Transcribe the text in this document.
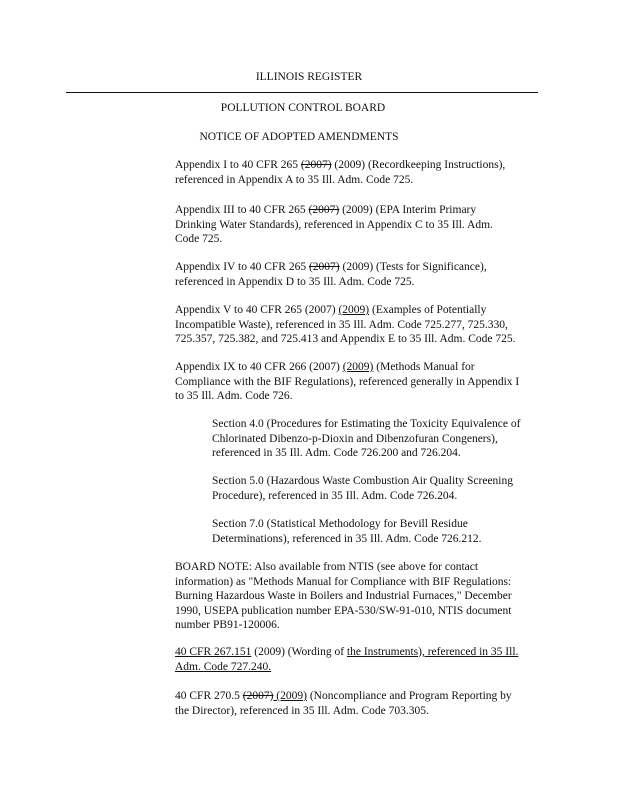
ILLINOIS REGISTER
POLLUTION CONTROL BOARD
NOTICE OF ADOPTED AMENDMENTS
Appendix I to 40 CFR 265 (2007) (2009) (Recordkeeping Instructions),
referenced in Appendix A to 35 Ill. Adm. Code 725.
Appendix III to 40 CFR 265 (2007) (2009) (EPA Interim Primary
Drinking Water Standards), referenced in Appendix C to 35 Ill. Adm.
Code 725.
Appendix IV to 40 CFR 265 (2007) (2009) (Tests for Significance),
referenced in Appendix D to 35 Ill. Adm. Code 725.
Appendix V to 40 CFR 265 (2007) (2009) (Examples of Potentially
Incompatible Waste), referenced in 35 Ill. Adm. Code 725.277, 725.330,
725.357, 725.382, and 725.413 and Appendix E to 35 Ill. Adm. Code 725.
Appendix IX to 40 CFR 266 (2007) (2009) (Methods Manual for
Compliance with the BIF Regulations), referenced generally in Appendix I
to 35 Ill. Adm. Code 726.
Section 4.0 (Procedures for Estimating the Toxicity Equivalence of
Chlorinated Dibenzo-p-Dioxin and Dibenzofuran Congeners),
referenced in 35 Ill. Adm. Code 726.200 and 726.204.
Section 5.0 (Hazardous Waste Combustion Air Quality Screening
Procedure), referenced in 35 Ill. Adm. Code 726.204.
Section 7.0 (Statistical Methodology for Bevill Residue
Determinations), referenced in 35 Ill. Adm. Code 726.212.
BOARD NOTE: Also available from NTIS (see above for contact
information) as "Methods Manual for Compliance with BIF Regulations:
Burning Hazardous Waste in Boilers and Industrial Furnaces," December
1990, USEPA publication number EPA-530/SW-91-010, NTIS document
number PB91-120006.
40 CFR 267.151 (2009) (Wording of the Instruments), referenced in 35 Ill.
Adm. Code 727.240.
40 CFR 270.5 (2007) (2009) (Noncompliance and Program Reporting by
the Director), referenced in 35 Ill. Adm. Code 703.305.
